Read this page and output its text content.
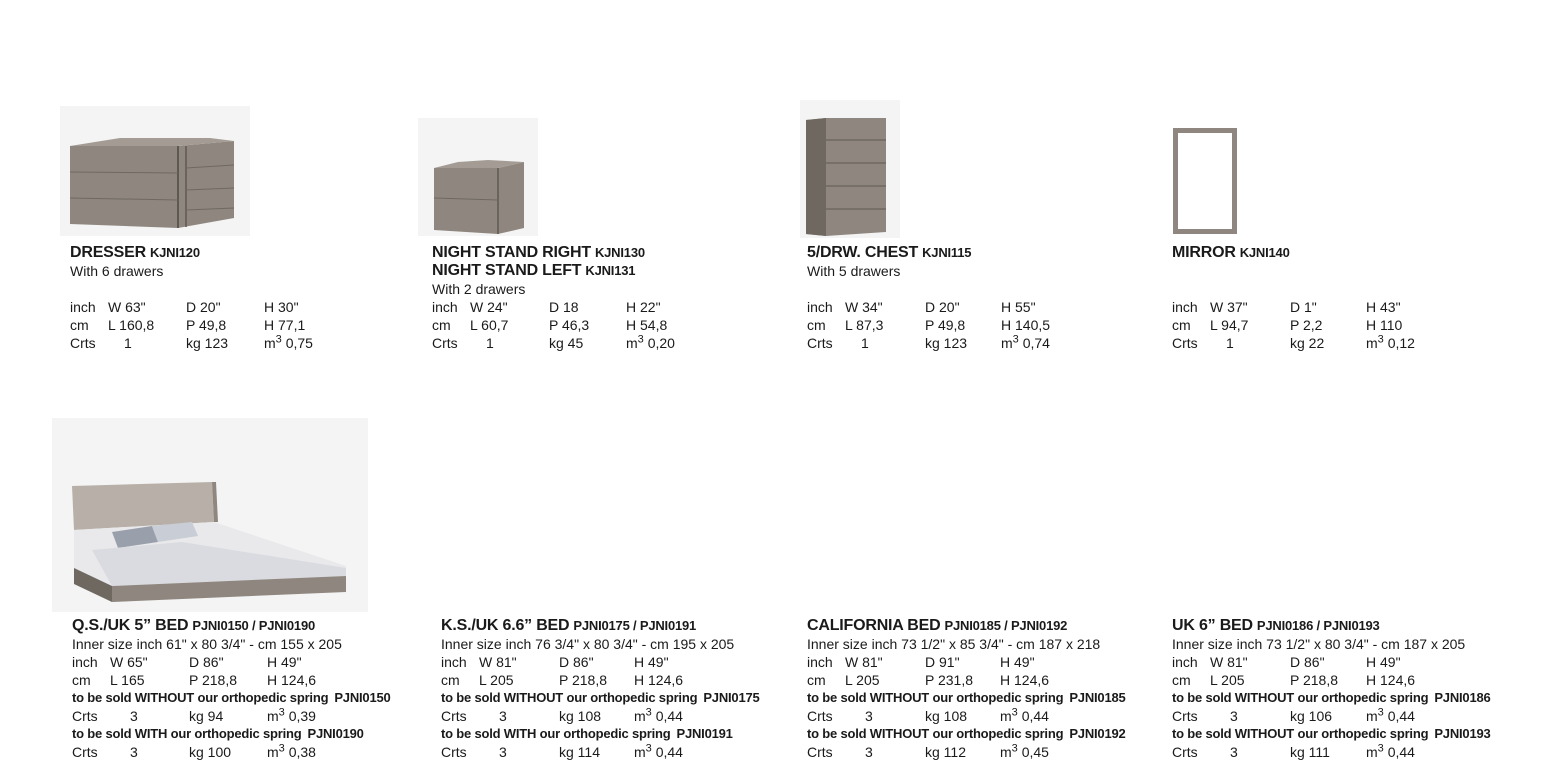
DRESSER KJNI120
With 6 drawers
inch W 63"	D 20"	H 30"
cm L 160,8 P 49,8	H 77,1
Crts 1	kg 123	$m^3$ 0,75
NIGHT STAND RIGHT KJNI130
NIGHT STAND LEFT KJNI131
With 2 drawers
inch W 24"	D 18	H 22"
cm L 60,7	P 46,3	H 54,8
Crts 1	kg 45	$m^3$ 0,20
5/DRW. CHEST KJNI115
With 5 drawers
inch W 34"	D 20"	H 55"
cm L 87,3	P 49,8	H 140,5
Crts 1	kg 123 $m^3$ 0,74
MIRROR KJNI140
inch W 37"	D 1"	H 43"
cm L 94,7	P 2,2	H 110
Crts 1	kg 22	$m^3$ 0,12
Q.S./UK 5” BED PJNI0150 / PJNI0190
Inner size inch 61" x 80 3/4" - cm 155 x 205
inch W 65"	D 86"	H 49"
cm L 165	P 218,8 H 124,6
to be sold WITHOUT our orthopedic spring PJNI0150
Crts 3	kg 94	$m^3$ 0,39
to be sold WITH our orthopedic spring PJNI0190
Crts 3	kg 100	$m^3$ 0,38
K.S./UK 6.6” BED PJNI0175 / PJNI0191
Inner size inch 76 3/4" x 80 3/4" - cm 195 x 205
inch W 81"	D 86"	H 49"
cm L 205	P 218,8 H 124,6
to be sold WITHOUT our orthopedic spring PJNI0175
Crts 3	kg 108 $m^3$ 0,44
to be sold WITH our orthopedic spring PJNI0191
Crts 3	kg 114 $m^3$ 0,44
CALIFORNIA BED PJNI0185 / PJNI0192
Inner size inch 73 1/2" x 85 3/4" - cm 187 x 218
inch W 81"	D 91"	H 49"
cm L 205	P 231,8 H 124,6
to be sold WITHOUT our orthopedic spring PJNI0185
Crts 3	kg 108 $m^3$ 0,44
to be sold WITHOUT our orthopedic spring PJNI0192
Crts 3	kg 112 $m^3$ 0,45
UK 6” BED PJNI0186 / PJNI0193
Inner size inch 73 1/2" x 80 3/4" - cm 187 x 205
inch W 81"	D 86"	H 49"
cm L 205	P 218,8 H 124,6
to be sold WITHOUT our orthopedic spring PJNI0186
Crts 3	kg 106 $m^3$ 0,44
to be sold WITHOUT our orthopedic spring PJNI0193
Crts 3	kg 111	$m^3$ 0,44
